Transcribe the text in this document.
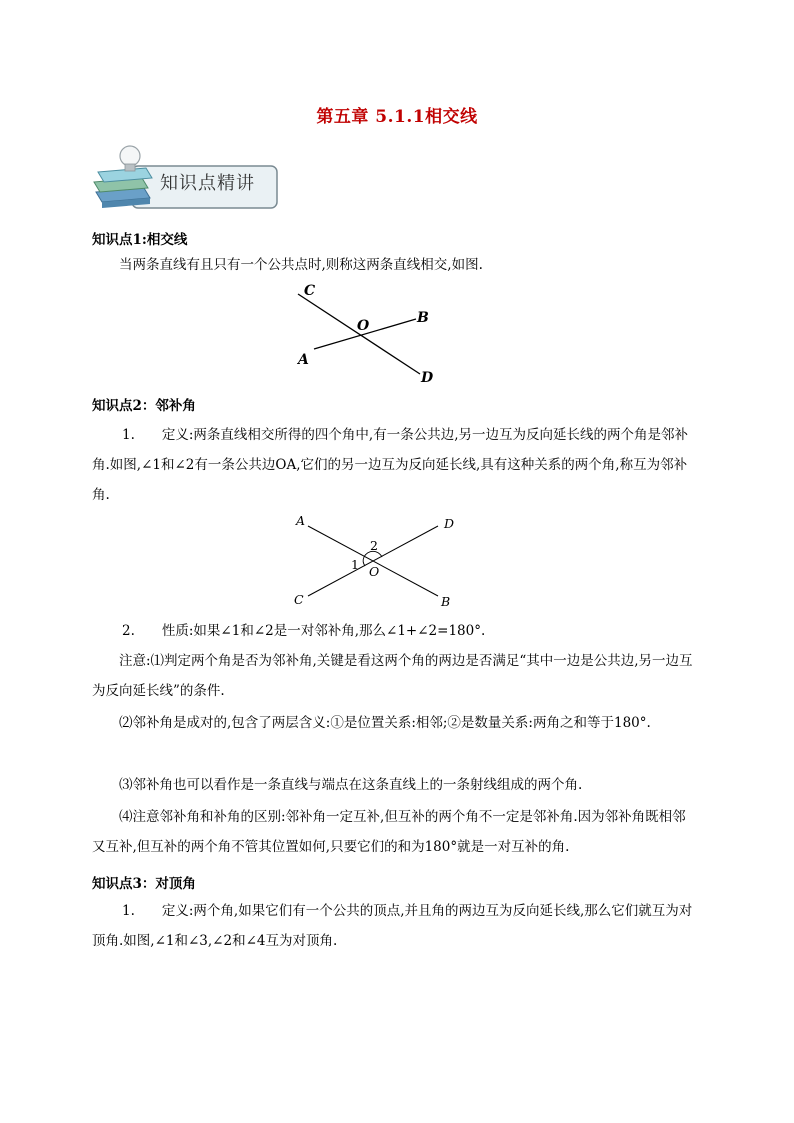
第五章 5.1.1相交线
知识点精讲
知识点1:相交线
当两条直线有且只有一个公共点时,则称这两条直线相交,如图.
C
B
O
A
D
知识点2：邻补角
1.　　定义:两条直线相交所得的四个角中,有一条公共边,另一边互为反向延长线的两个角是邻补角.如图,∠1和∠2有一条公共边OA,它们的另一边互为反向延长线,具有这种关系的两个角,称互为邻补角.
A	D
2
1 O
C	B
2.　　性质:如果∠1和∠2是一对邻补角,那么∠1+∠2=180°.
注意:⑴判定两个角是否为邻补角,关键是看这两个角的两边是否满足“其中一边是公共边,另一边互为反向延长线”的条件.
⑵邻补角是成对的,包含了两层含义:①是位置关系:相邻;②是数量关系:两角之和等于180°.
⑶邻补角也可以看作是一条直线与端点在这条直线上的一条射线组成的两个角.
⑷注意邻补角和补角的区别:邻补角一定互补,但互补的两个角不一定是邻补角.因为邻补角既相邻又互补,但互补的两个角不管其位置如何,只要它们的和为180°就是一对互补的角.
知识点3：对顶角
1.　　定义:两个角,如果它们有一个公共的顶点,并且角的两边互为反向延长线,那么它们就互为对顶角.如图,∠1和∠3,∠2和∠4互为对顶角.
